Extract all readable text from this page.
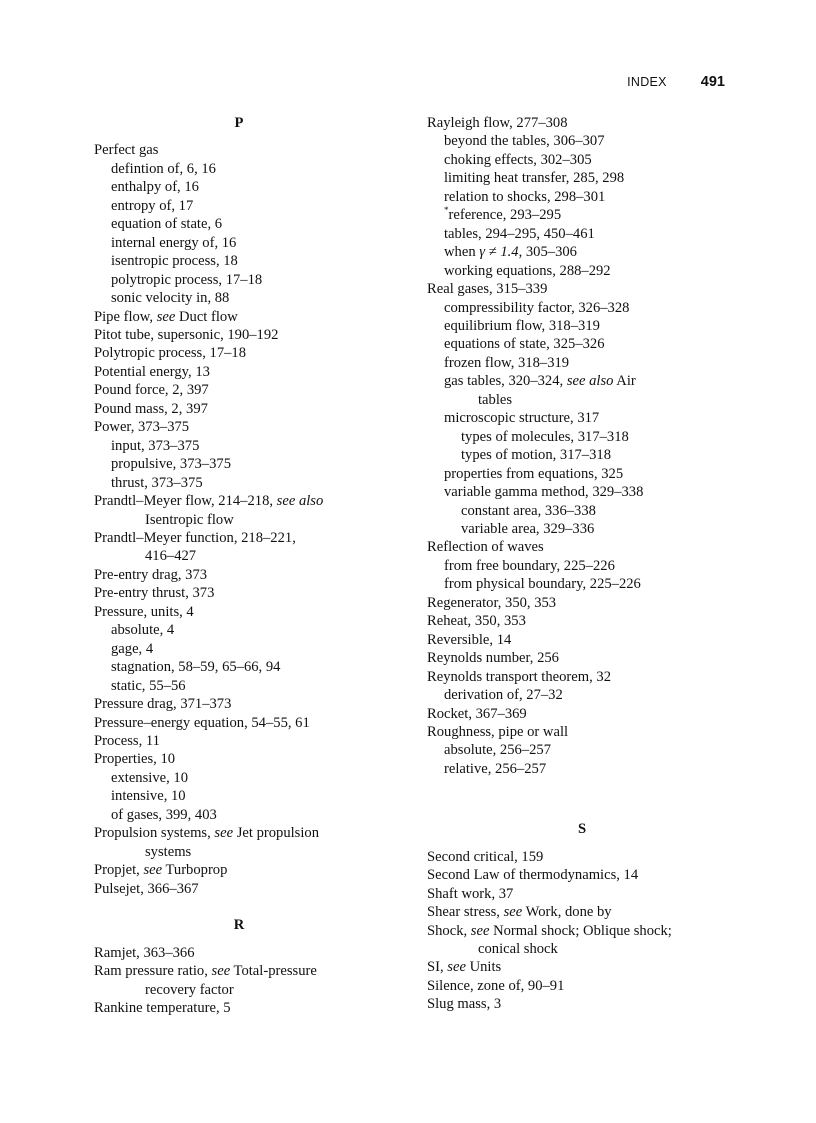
INDEX 491
P
Perfect gas
defintion of, 6, 16
enthalpy of, 16
entropy of, 17
equation of state, 6
internal energy of, 16
isentropic process, 18
polytropic process, 17–18
sonic velocity in, 88
Pipe flow, see Duct flow
Pitot tube, supersonic, 190–192
Polytropic process, 17–18
Potential energy, 13
Pound force, 2, 397
Pound mass, 2, 397
Power, 373–375
input, 373–375
propulsive, 373–375
thrust, 373–375
Prandtl–Meyer flow, 214–218, see also
Isentropic flow
Prandtl–Meyer function, 218–221,
416–427
Pre-entry drag, 373
Pre-entry thrust, 373
Pressure, units, 4
absolute, 4
gage, 4
stagnation, 58–59, 65–66, 94
static, 55–56
Pressure drag, 371–373
Pressure–energy equation, 54–55, 61
Process, 11
Properties, 10
extensive, 10
intensive, 10
of gases, 399, 403
Propulsion systems, see Jet propulsion
systems
Propjet, see Turboprop
Pulsejet, 366–367
R
Ramjet, 363–366
Ram pressure ratio, see Total-pressure
recovery factor
Rankine temperature, 5
Rayleigh flow, 277–308
beyond the tables, 306–307
choking effects, 302–305
limiting heat transfer, 285, 298
relation to shocks, 298–301
*reference, 293–295
tables, 294–295, 450–461
when γ ≠ 1.4, 305–306
working equations, 288–292
Real gases, 315–339
compressibility factor, 326–328
equilibrium flow, 318–319
equations of state, 325–326
frozen flow, 318–319
gas tables, 320–324, see also Air
tables
microscopic structure, 317
types of molecules, 317–318
types of motion, 317–318
properties from equations, 325
variable gamma method, 329–338
constant area, 336–338
variable area, 329–336
Reflection of waves
from free boundary, 225–226
from physical boundary, 225–226
Regenerator, 350, 353
Reheat, 350, 353
Reversible, 14
Reynolds number, 256
Reynolds transport theorem, 32
derivation of, 27–32
Rocket, 367–369
Roughness, pipe or wall
absolute, 256–257
relative, 256–257
S
Second critical, 159
Second Law of thermodynamics, 14
Shaft work, 37
Shear stress, see Work, done by
Shock, see Normal shock; Oblique shock;
conical shock
SI, see Units
Silence, zone of, 90–91
Slug mass, 3
